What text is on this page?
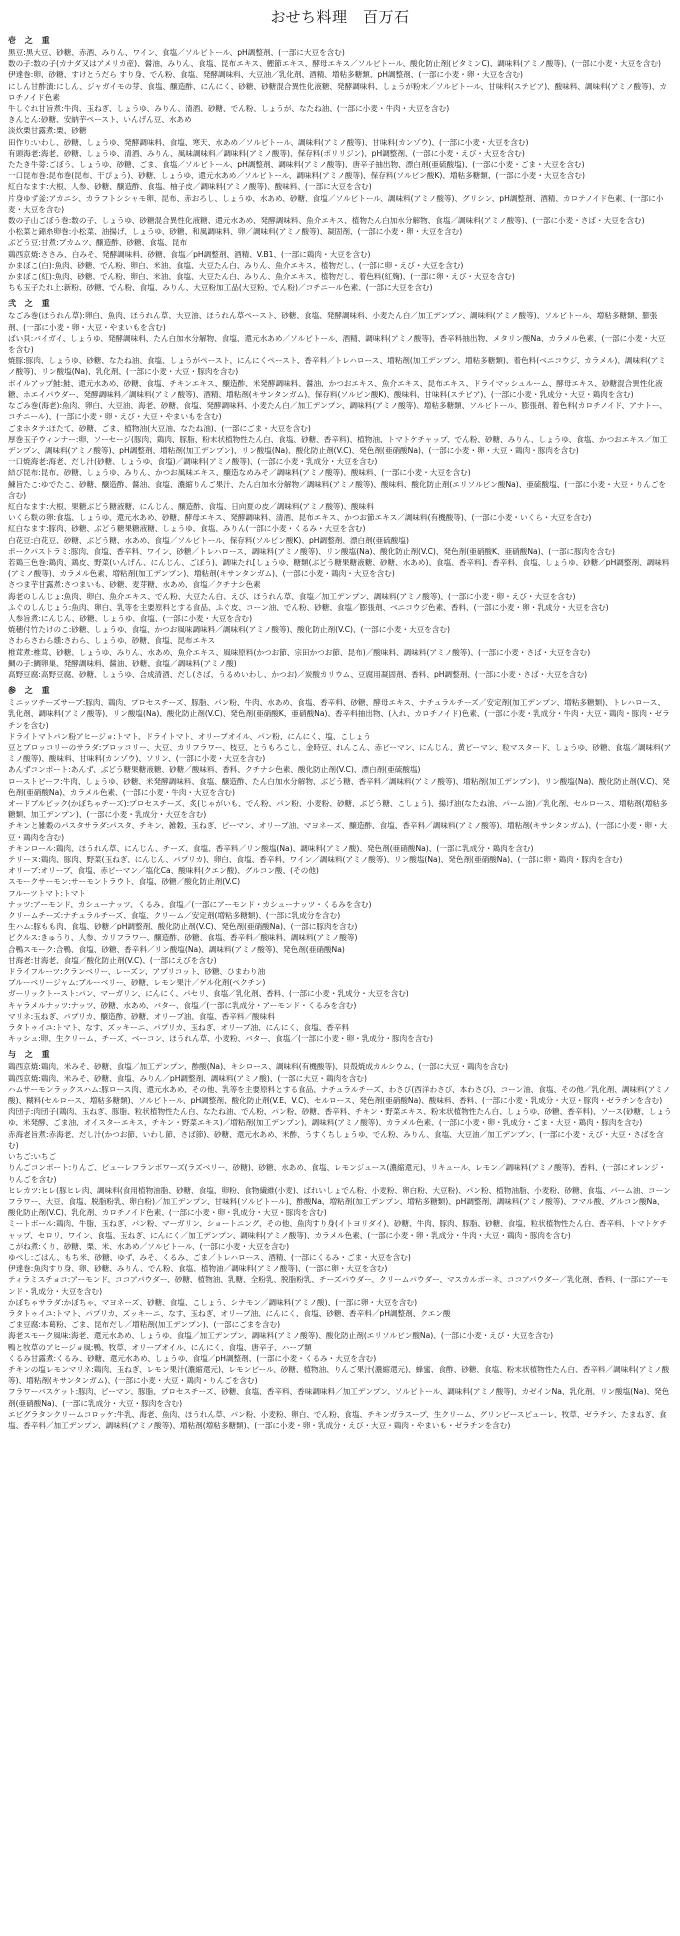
おせち料理　百万石
壱 之 重
黒豆:黒大豆、砂糖、赤酒、みりん、ワイン、食塩／ソルビトール、pH調整剤、(一部に大豆を含む)
数の子:数の子(カナダ又はアメリカ産)、醤油、みりん、食塩、昆布エキス、鰹節エキス、酵母エキス／ソルビトール、酸化防止剤(ビタミンC)、調味料(アミノ酸等)、(一部に小麦・大豆を含む)
伊達巻:卵、砂糖、すけとうだら すり身、でん粉、食塩、発酵調味料、大豆油／乳化剤、酒精、増粘多糖類、pH調整剤、(一部に小麦・卵・大豆を含む)
にしん甘酢漬:にしん、ジャガイモの芽、食塩、醸造酢、にんにく、砂糖、砂糖混合異性化液糖、発酵調味料、しょうが粉末／ソルビトール、甘味料(ステビア)、酸味料、調味料(アミノ酸等)、カロチノイド色素
牛しぐれ甘旨煮:牛肉、玉ねぎ、しょうゆ、みりん、清酒、砂糖、でん粉、しょうが、なたね油、(一部に小麦・牛肉・大豆を含む)
きんとん:砂糖、安納芋ペースト、いんげん豆、水あめ
淡炊栗甘露煮:栗、砂糖
田作り:いわし、砂糖、しょうゆ、発酵調味料、食塩、寒天、水あめ／ソルビトール、調味料(アミノ酸等)、甘味料(カンゾウ)、(一部に小麦・大豆を含む)
有頭海老:海老、砂糖、しょうゆ、清酒、みりん、風味調味料／調味料(アミノ酸等)、保存料(ポリリジン)、pH調整剤、(一部に小麦・えび・大豆を含む)
たたき牛蒡:ごぼう、しょうゆ、砂糖、ごま、食塩／ソルビトール、pH調整剤、調味料(アミノ酸等)、唐辛子抽出物、漂白剤(亜硫酸塩)、(一部に小麦・ごま・大豆を含む)
一口昆布巻:昆布巻(昆布、干ぴょう)、砂糖、しょうゆ、還元水あめ／ソルビトール、調味料(アミノ酸等)、保存料(ソルビン酸K)、増粘多糖類、(一部に小麦・大豆を含む)
紅白なます:大根、人参、砂糖、醸造酢、食塩、柚子皮／調味料(アミノ酸等)、酸味料、(一部に大豆を含む)
片身ゆず釜:アカニシ、カラフトシシャモ卵、昆布、赤おろし、しょうゆ、水あめ、砂糖、食塩／ソルビトール、調味料(アミノ酸等)、グリシン、pH調整剤、酒精、カロテノイド色素、(一部に小麦・大豆を含む)
数の子山ごぼう巻:数の子、しょうゆ、砂糖混合異性化液糖、還元水あめ、発酵調味料、魚介エキス、植物たん白加水分解物、食塩／調味料(アミノ酸等)、(一部に小麦・さば・大豆を含む)
小松菜と錦糸卵巻:小松菜、油揚げ、しょうゆ、砂糖、和風調味料、卵／調味料(アミノ酸等)、凝固剤、(一部に小麦・卵・大豆を含む)
ぶどう豆:甘煮:ブカムツ、醸造酢、砂糖、食塩、昆布
鶏西京焼:ささみ、白みそ、発酵調味料、砂糖、食塩／pH調整剤、酒精、V.B1、(一部に鶏肉・大豆を含む)
かまぼこ(白):魚肉、砂糖、でん粉、卵白、米油、食塩、大豆たん白、みりん、魚介エキス、植物だし、(一部に卵・えび・大豆を含む)
かまぼこ(紅):魚肉、砂糖、でん粉、卵白、米油、食塩、大豆たん白、みりん、魚介エキス、植物だし、着色料(紅麹)、(一部に卵・えび・大豆を含む)
ちも玉子たれ上:新粉、砂糖、でん粉、食塩、みりん、大豆粉加工品(大豆粉、でん粉)／コチニール色素、(一部に大豆を含む)
弐 之 重
なごみ巻(ほうれん草):卵白、魚肉、ほうれん草、大豆油、ほうれん草ペースト、砂糖、食塩、発酵調味料、小麦たん白／加工デンプン、調味料(アミノ酸等)、ソルビトール、増粘多糖類、膨張剤、(一部に小麦・卵・大豆・やまいもを含む)
ばい貝:バイガイ、しょうゆ、発酵調味料、たん白加水分解物、食塩、還元水あめ／ソルビトール、酒精、調味料(アミノ酸等)、香辛料抽出物、メタリン酸Na、カラメル色素、(一部に小麦・大豆を含む)
焼豚:豚肉、しょうゆ、砂糖、なたね油、食塩、しょうがペースト、にんにくペースト、香辛料／トレハロース、増粘剤(加工デンプン、増粘多糖類)、着色料(ベニコウジ、カラメル)、調味料(アミノ酸等)、リン酸塩(Na)、乳化剤、(一部に小麦・大豆・豚肉を含む)
ボイルアップ鮭:鮭、還元水あめ、砂糖、食塩、チキンエキス、醸造酢、米発酵調味料、醤油、かつおエキス、魚介エキス、昆布エキス、ドライマッシュルーム、酵母エキス、砂糖混合異性化液糖、ホエイパウダー、発酵調味料／調味料(アミノ酸等)、酒精、増粘剤(キサンタンガム)、保存料(ソルビン酸K)、酸味料、甘味料(ステビア)、(一部に小麦・乳成分・大豆・鶏肉を含む)
なごみ巻(海老):魚肉、卵白、大豆油、海老、砂糖、食塩、発酵調味料、小麦たん白／加工デンプン、調味料(アミノ酸等)、増粘多糖類、ソルビトール、膨張剤、着色料(カロチノイド、アナトー、コチニール)、(一部に小麦・卵・えび・大豆・やまいもを含む)
ごまホタテ:ほたて、砂糖、ごま、植物油(大豆油、なたね油)、(一部にごま・大豆を含む)
厚巻玉子ウィンナー:卵、ソーセージ(豚肉、鶏肉、豚脂、粉末状植物性たん白、食塩、砂糖、香辛料)、植物油、トマトケチャップ、でん粉、砂糖、みりん、しょうゆ、食塩、かつおエキス／加工デンプン、調味料(アミノ酸等)、pH調整剤、増粘剤(加工デンプン)、リン酸塩(Na)、酸化防止剤(V.C)、発色剤(亜硝酸Na)、(一部に小麦・卵・大豆・鶏肉・豚肉を含む)
一口焼海老:海老、だし汁(砂糖、しょうゆ、食塩)／調味料(アミノ酸等)、(一部に小麦・乳成分・大豆を含む)
結び昆布:昆布、砂糖、しょうゆ、みりん、かつお風味エキス、醸造なめみそ／調味料(アミノ酸等)、酸味料、(一部に小麦・大豆を含む)
鰊旨たこ:ゆでたこ、砂糖、醸造酢、醤油、食塩、濃縮りんご果汁、たん白加水分解物／調味料(アミノ酸等)、酸味料、酸化防止剤(エリソルビン酸Na)、亜硫酸塩、(一部に小麦・大豆・りんごを含む)
紅白なます:大根、果糖ぶどう糖液糖、にんじん、醸造酢、食塩、日向夏の皮／調味料(アミノ酸等)、酸味料
いくら麩の卵:食塩、しょうゆ、還元水あめ、砂糖、酵母エキス、発酵調味料、清酒、昆布エキス、かつお節エキス／調味料(有機酸等)、(一部に小麦・いくら・大豆を含む)
紅白なます:豚肉、砂糖、ぶどう糖果糖液糖、しょうゆ、食塩、みりん(一部に小麦・くるみ・大豆を含む)
白花豆:白花豆、砂糖、ぶどう糖、水あめ、食塩／ソルビトール、保存料(ソルビン酸K)、pH調整剤、漂白剤(亜硫酸塩)
ポークパストラミ:豚肉、食塩、香辛料、ワイン、砂糖／トレハロース、調味料(アミノ酸等)、リン酸塩(Na)、酸化防止剤(V.C)、発色剤(亜硝酸K、亜硝酸Na)、(一部に豚肉を含む)
若鶏三色巻:鶏肉、鶏皮、野菜(いんげん、にんじん、ごぼう)、調味たれ[しょうゆ、糖類(ぶどう糖果糖液糖、砂糖、水あめ)、食塩、香辛料]、香辛料、食塩、しょうゆ、砂糖／pH調整剤、調味料(アミノ酸等)、カラメル色素、増粘剤(加工デンプン)、増粘剤(キサンタンガム)、(一部に小麦・鶏肉・大豆を含む)
さつま芋甘露煮:さつまいも、砂糖、麦芽糖、水あめ、食塩／クチナシ色素
海老のしんじょ:魚肉、卵白、魚介エキス、でん粉、大豆たん白、えび、ほうれん草、食塩／加工デンプン、調味料(アミノ酸等)、(一部に小麦・卵・えび・大豆を含む)
ふぐのしんじょう:魚肉、卵白、乳等を主要原料とする食品、ふぐ皮、コーン油、でん粉、砂糖、食塩／膨張剤、ベニコウジ色素、香料、(一部に小麦・卵・乳成分・大豆を含む)
人参旨煮:にんじん、砂糖、しょうゆ、食塩、(一部に小麦・大豆を含む)
焼穂付竹たけのこ:砂糖、しょうゆ、食塩、かつお風味調味料／調味料(アミノ酸等)、酸化防止剤(V.C)、(一部に小麦・大豆を含む)
さわらさわら燻:さわら、しょうゆ、砂糖、食塩、昆布エキス
椎茸煮:椎茸、砂糖、しょうゆ、みりん、水あめ、魚介エキス、風味原料(かつお節、宗田かつお節、昆布)／酸味料、調味料(アミノ酸等)、(一部に小麦・さば・大豆を含む)
鯛の子:鯛卵巣、発酵調味料、醤油、砂糖、食塩／調味料(アミノ酸)
高野豆腐:高野豆腐、砂糖、しょうゆ、合成清酒、だし(さば、うるめいわし、かつお)／炭酸カリウム、豆腐用凝固剤、香料、pH調整剤、(一部に小麦・さば・大豆を含む)
参 之 重
ミニッツチーズサーブ:豚肉、鶏肉、プロセスチーズ、豚脂、パン粉、牛肉、水あめ、食塩、香辛料、砂糖、酵母エキス、ナチュラルチーズ／安定剤(加工デンプン、増粘多糖類)、トレハロース、乳化剤、調味料(アミノ酸等)、リン酸塩(Na)、酸化防止剤(V.C)、発色剤(亜硝酸K、亜硝酸Na)、香辛料抽出物、(入れ、カロチノイド)色素、(一部に小麦・乳成分・牛肉・大豆・鶏肉・豚肉・ゼラチンを含む)
ドライトマトパン粉アヒージョ:トマト、ドライトマト、オリーブオイル、パン粉、にんにく、塩、こしょう
豆とブロッコリーのサラダ:ブロッコリー、大豆、カリフラワー、枝豆、とうもろこし、金時豆、れんこん、赤ピーマン、にんじん、黄ピーマン、粒マスタード、しょうゆ、砂糖、食塩／調味料(アミノ酸等)、酸味料、甘味料(カンゾウ)、ソリン、(一部に小麦・大豆を含む)
あんずコンポート:あんず、ぶどう糖果糖液糖、砂糖／酸味料、香料、クチナシ色素、酸化防止剤(V.C)、漂白剤(亜硫酸塩)
ローストビーフ:牛肉、しょうゆ、砂糖、米発酵調味料、食塩、醸造酢、たん白加水分解物、ぶどう糖、香辛料／調味料(アミノ酸等)、増粘剤(加工デンプン)、リン酸塩(Na)、酸化防止剤(V.C)、発色剤(亜硝酸Na)、カラメル色素、(一部に小麦・牛肉・大豆を含む)
オードブルピック(かぼちゃチーズ):プロセスチーズ、炙(じゃがいも、でん粉、パン粉、小麦粉、砂糖、ぶどう糖、こしょう)、揚げ油(なたね油、パーム油)／乳化剤、セルロース、増粘剤(増粘多糖類、加工デンプン)、(一部に小麦・乳成分・大豆を含む)
チキンと雑穀のパスタサラダ:パスタ、チキン、雑穀、玉ねぎ、ピーマン、オリーブ油、マヨネーズ、醸造酢、食塩、香辛料／調味料(アミノ酸等)、増粘剤(キサンタンガム)、(一部に小麦・卵・大豆・鶏肉を含む)
チキンロール:鶏肉、ほうれん草、にんじん、チーズ、食塩、香辛料／リン酸塩(Na)、調味料(アミノ酸)、発色剤(亜硝酸Na)、(一部に乳成分・鶏肉を含む)
テリーヌ:鶏肉、豚肉、野菜(玉ねぎ、にんじん、パプリカ)、卵白、食塩、香辛料、ワイン／調味料(アミノ酸等)、リン酸塩(Na)、発色剤(亜硝酸Na)、(一部に卵・鶏肉・豚肉を含む)
オリーブ:オリーブ、食塩、赤ピーマン／塩化Ca、酸味料(クエン酸)、グルコン酸、(その他)
スモークサーモン:サーモントラウト、食塩、砂糖／酸化防止剤(V.C)
フルーツトマト:トマト
ナッツ:アーモンド、カシューナッツ、くるみ、食塩／(一部にアーモンド・カシューナッツ・くるみを含む)
クリームチーズ:ナチュラルチーズ、食塩、クリーム／安定剤(増粘多糖類)、(一部に乳成分を含む)
生ハム:豚もも肉、食塩、砂糖／pH調整剤、酸化防止剤(V.C)、発色剤(亜硝酸Na)、(一部に豚肉を含む)
ピクルス:きゅうり、人参、カリフラワー、醸造酢、砂糖、食塩、香辛料／酸味料、調味料(アミノ酸等)
合鴨スモーク:合鴨、食塩、砂糖、香辛料／リン酸塩(Na)、調味料(アミノ酸等)、発色剤(亜硝酸Na)
甘海老:甘海老、食塩／酸化防止剤(V.C)、(一部にえびを含む)
ドライフルーツ:クランベリー、レーズン、アプリコット、砂糖、ひまわり油
ブルーベリージャム:ブルーベリー、砂糖、レモン果汁／ゲル化剤(ペクチン)
ガーリックトースト:パン、マーガリン、にんにく、パセリ、食塩／乳化剤、香料、(一部に小麦・乳成分・大豆を含む)
キャラメルナッツ:ナッツ、砂糖、水あめ、バター、食塩／(一部に乳成分・アーモンド・くるみを含む)
マリネ:玉ねぎ、パプリカ、醸造酢、砂糖、オリーブ油、食塩、香辛料／酸味料
ラタトゥイユ:トマト、なす、ズッキーニ、パプリカ、玉ねぎ、オリーブ油、にんにく、食塩、香辛料
キッシュ:卵、生クリーム、チーズ、ベーコン、ほうれん草、小麦粉、バター、食塩／(一部に小麦・卵・乳成分・豚肉を含む)
与 之 重
鶏西京焼:鶏肉、米みそ、砂糖、食塩／加工デンプン、酢酸(Na)、キシロース、調味料(有機酸等)、貝殻焼成カルシウム、(一部に大豆・鶏肉を含む)
鶏西京焼:鶏肉、米みそ、砂糖、食塩、みりん／pH調整剤、調味料(アミノ酸)、(一部に大豆・鶏肉を含む)
ハムサーモンラックスハム:豚ロース肉、還元水あめ、その他、乳等を主要原料とする食品、ナチュラルチーズ、わさび(西洋わさび、本わさび)、コーン油、食塩、その他／乳化剤、調味料(アミノ酸)、糊料(セルロース、増粘多糖類)、ソルビトール、pH調整剤、酸化防止剤(V.E、V.C)、セルロース、発色剤(亜硝酸Na)、酸味料、香料、(一部に小麦・乳成分・大豆・豚肉・ゼラチンを含む)
肉団子:肉団子(鶏肉、玉ねぎ、豚脂、粒状植物性たん白、なたね油、でん粉、パン粉、砂糖、香辛料、チキン・野菜エキス、粉末状植物性たん白、しょうゆ、砂糖、香辛料)、ソース(砂糖、しょうゆ、米発酵、ごま油、オイスターエキス、チキン・野菜エキス)／増粘剤(加工デンプン)、調味料(アミノ酸等)、カラメル色素、(一部に小麦・卵・乳成分・ごま・大豆・鶏肉・豚肉を含む)
赤海老旨煮:赤海老、だし汁(かつお節、いわし節、さば節)、砂糖、還元水あめ、米酢、うすくちしょうゆ、でん粉、みりん、食塩、大豆油／加工デンプン、(一部に小麦・えび・大豆・さばを含む)
いちご:いちご
りんごコンポート:りんご、ビューレフランボワーズ(ラズベリー、砂糖)、砂糖、水あめ、食塩、レモンジュース(濃縮還元)、リキュール、レモン／調味料(アミノ酸等)、香料、(一部にオレンジ・りんごを含む)
ヒレカツ:ヒレ(豚ヒレ肉、調味料(食用植物油脂、砂糖、食塩、卵粉、食物繊維(小麦)、ばれいしょでん粉、小麦粉、卵白粉、大豆粉)、パン粉、植物油脂、小麦粉、砂糖、食塩、パーム油、コーンフラワー、大豆、食塩、脱脂粉乳、卵白粉)／加工デンプン、甘味料(ソルビトール)、酢酸Na、増粘剤(加工デンプン、増粘多糖類)、pH調整剤、調味料(アミノ酸等)、フマル酸、グルコン酸Na、酸化防止剤(V.C)、乳化剤、カロチノイド色素、(一部に小麦・卵・乳成分・大豆・豚肉を含む)
ミートボール:鶏肉、牛脂、玉ねぎ、パン粉、マーガリン、ショートニング、その他、魚肉すり身(イトヨリダイ)、砂糖、牛肉、豚肉、豚脂、砂糖、食塩、粒状植物性たん白、香辛料、トマトケチャップ、セロリ、ワイン、食塩、玉ねぎ、にんにく／加工デンプン、調味料(アミノ酸等)、カラメル色素、(一部に小麦・卵・乳成分・牛肉・大豆・鶏肉・豚肉を含む)
こがね煮:くり、砂糖、栗、米、水あめ／ソルビトール、(一部に小麦・大豆を含む)
ゆべし:ごはん、もち米、砂糖、ゆず、みそ、くるみ、ごま／トレハロース、酒精、(一部にくるみ・ごま・大豆を含む)
伊達巻:魚肉すり身、卵、砂糖、みりん、でん粉、食塩、植物油／調味料(アミノ酸等)、(一部に卵・大豆を含む)
ティラミスチョコ:アーモンド、ココアパウダー、砂糖、植物油、乳糖、全粉乳、脱脂粉乳、チーズパウダー、クリームパウダー、マスカルポーネ、ココアパウダー／乳化剤、香料、(一部にアーモンド・乳成分・大豆を含む)
かぼちゃサラダ:かぼちゃ、マヨネーズ、砂糖、食塩、こしょう、シナモン／調味料(アミノ酸)、(一部に卵・大豆を含む)
ラタトゥイユ:トマト、パプリカ、ズッキーニ、なす、玉ねぎ、オリーブ油、にんにく、食塩、砂糖、香辛料／pH調整剤、クエン酸
ごま豆腐:本葛粉、ごま、昆布だし／増粘剤(加工デンプン)、(一部にごまを含む)
海老スモーク風味:海老、還元水あめ、しょうゆ、食塩／加工デンプン、調味料(アミノ酸等)、酸化防止剤(エリソルビン酸Na)、(一部に小麦・えび・大豆を含む)
鴨と牧草のアヒージョ風:鴨、牧草、オリーブオイル、にんにく、食塩、唐辛子、ハーブ類
くるみ甘露煮:くるみ、砂糖、還元水あめ、しょうゆ、食塩／pH調整剤、(一部に小麦・くるみ・大豆を含む)
チキンの塩レモンマリネ:鶏肉、玉ねぎ、レモン果汁(濃縮還元)、レモンピール、砂糖、植物油、りんご果汁(濃縮還元)、蜂蜜、食酢、砂糖、食塩、粉末状植物性たん白、香辛料／調味料(アミノ酸等)、増粘剤(キサンタンガム)、(一部に小麦・大豆・鶏肉・りんごを含む)
フラワーバスケット:豚肉、ピーマン、豚脂、プロセスチーズ、砂糖、食塩、香辛料、香味調味料／加工デンプン、ソルビトール、調味料(アミノ酸等)、カゼインNa、乳化剤、リン酸塩(Na)、発色剤(亜硝酸Na)、(一部に乳成分・大豆・豚肉を含む)
エビグラタンクリームコロッケ:牛乳、海老、魚肉、ほうれん草、パン粉、小麦粉、卵白、でん粉、食塩、チキンガラスープ、生クリーム、グリンピースピューレ、牧草、ゼラチン、たまねぎ、食塩、香辛料／加工デンプン、調味料(アミノ酸等)、増粘剤(増粘多糖類)、(一部に小麦・卵・乳成分・えび・大豆・鶏肉・やまいも・ゼラチンを含む)
